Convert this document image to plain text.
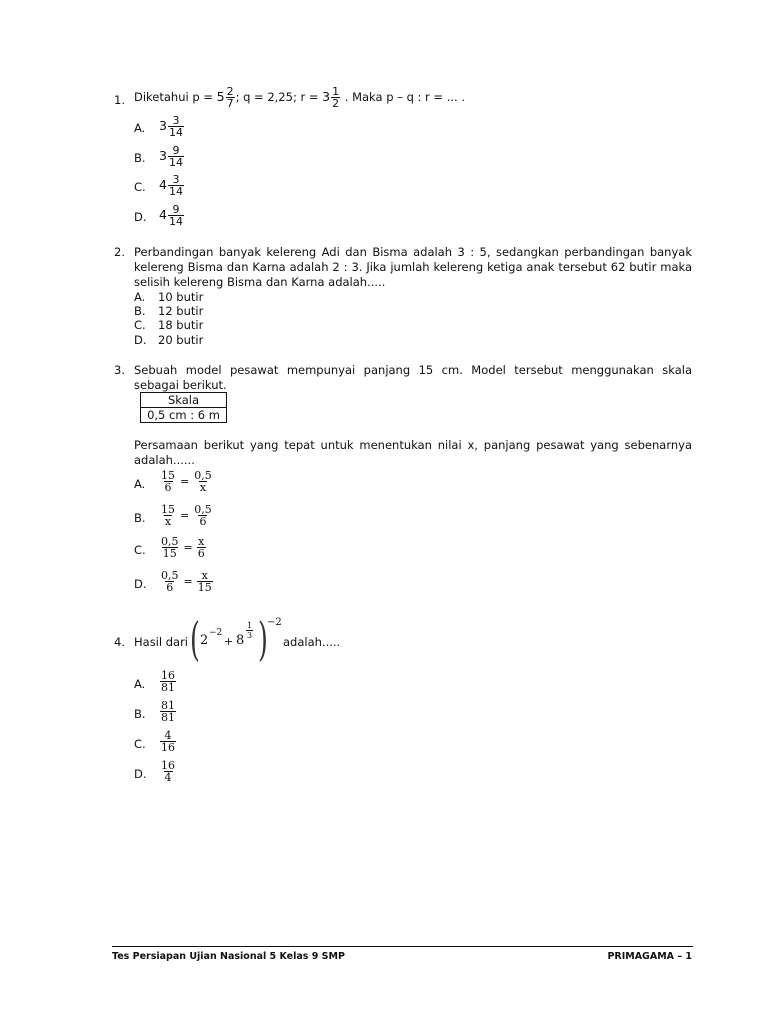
1. Diketahui $p = 5 \frac{2}{7}$ ; q = 2,25; $r = 3 \frac{1}{2}$ . Maka p – q : r = ... .
A. $3 \frac{3}{14}$
B. $3 \frac{9}{14}$
C. $4 \frac{3}{14}$
D. $4 \frac{9}{14}$
2. Perbandingan banyak kelereng Adi dan Bisma adalah 3 : 5, sedangkan perbandingan banyak kelereng Bisma dan Karna adalah 2 : 3. Jika jumlah kelereng ketiga anak tersebut 62 butir maka selisih kelereng Bisma dan Karna adalah.....
A. 10 butir
B. 12 butir
C. 18 butir
D. 20 butir
3. Sebuah model pesawat mempunyai panjang 15 cm. Model tersebut menggunakan skala sebagai berikut.
Skala
0,5 cm : 6 m
Persamaan berikut yang tepat untuk menentukan nilai x, panjang pesawat yang sebenarnya adalah......
A. $\frac{15}{6} = \frac{0,5}{x}$
B. $\frac{15}{x} = \frac{0,5}{6}$
C. $\frac{0,5}{15} = \frac{x}{6}$
D. $\frac{0,5}{6} = \frac{x}{15}$
4. Hasil dari ( 2 −2
+ 8
$\frac{1}{3}$ ) −2
adalah.....
A. $\frac{16}{81}$
B. $\frac{81}{81}$
C. $\frac{4}{16}$
D. $\frac{16}{4}$
Tes Persiapan Ujian Nasional 5 Kelas 9 SMP	PRIMAGAMA – 1
